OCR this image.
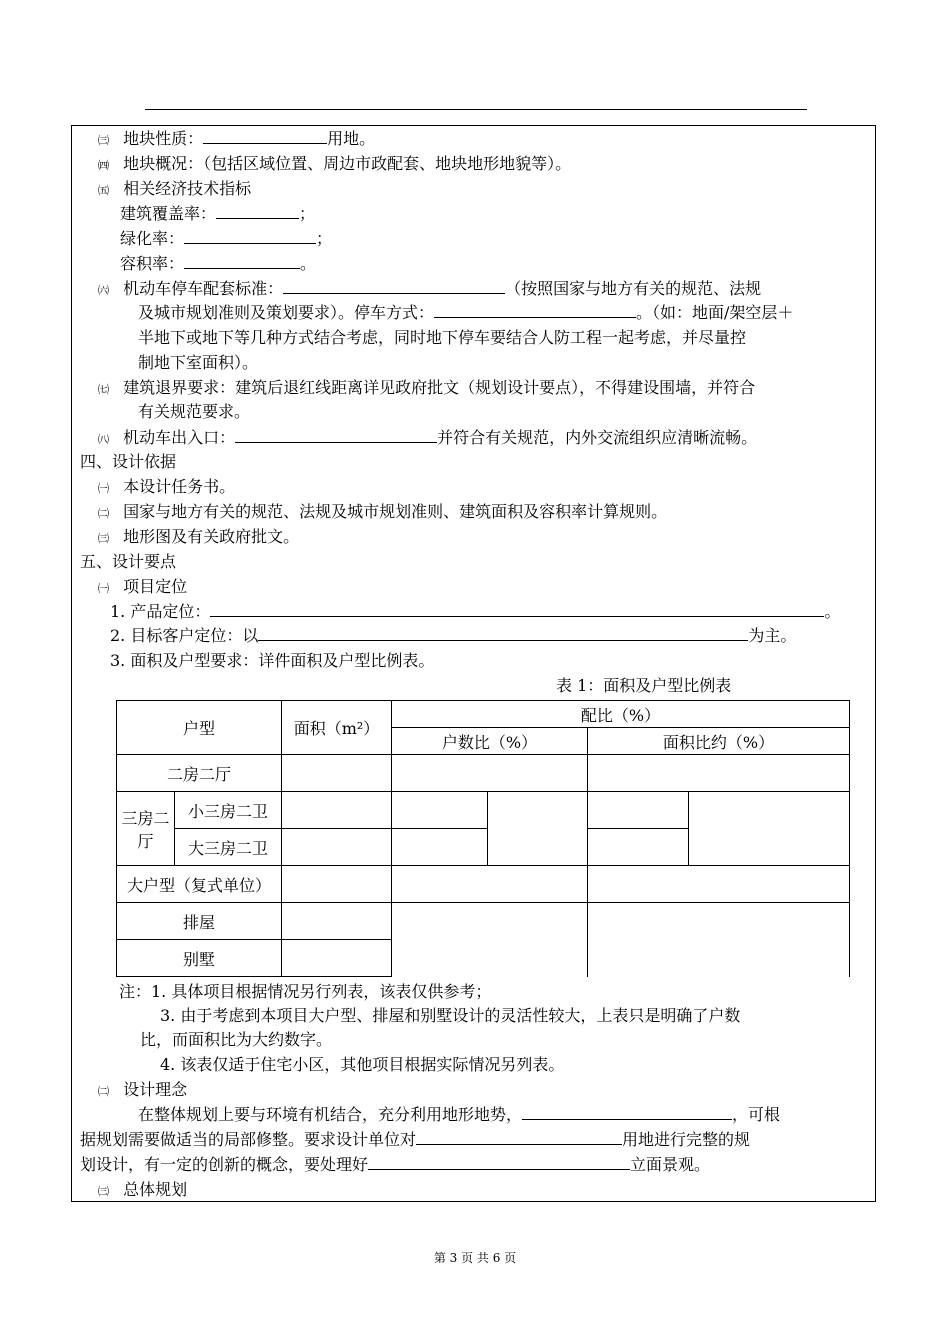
㈢ 地块性质：	用地。
㈣ 地块概况：（包括区域位置、周边市政配套、地块地形地貌等）。
㈤ 相关经济技术指标
建筑覆盖率：	；
绿化率：	；
容积率：	。
㈥ 机动车停车配套标准：	（按照国家与地方有关的规范、法规
及城市规划准则及策划要求）。停车方式：	。（如：地面/架空层＋
半地下或地下等几种方式结合考虑，同时地下停车要结合人防工程一起考虑，并尽量控
制地下室面积）。
㈦ 建筑退界要求：建筑后退红线距离详见政府批文（规划设计要点），不得建设围墙，并符合
有关规范要求。
㈧ 机动车出入口：	并符合有关规范，内外交流组织应清晰流畅。
四、设计依据
㈠ 本设计任务书。
㈡ 国家与地方有关的规范、法规及城市规划准则、建筑面积及容积率计算规则。
㈢ 地形图及有关政府批文。
五、设计要点
㈠ 项目定位
1. 产品定位：	。
2. 目标客户定位：以	为主。
3. 面积及户型要求：详件面积及户型比例表。
表 1：面积及户型比例表
户型		面积（m²）	配比（%）			
			户数比（%）		面积比约（%）	
二房二厅						
三房二
厅	小三房二卫					
	大三房二卫					
大户型（复式单位）						
排屋						
别墅						
注：1. 具体项目根据情况另行列表，该表仅供参考；
3. 由于考虑到本项目大户型、排屋和别墅设计的灵活性较大，上表只是明确了户数
比，而面积比为大约数字。
4. 该表仅适于住宅小区，其他项目根据实际情况另列表。
㈡ 设计理念
在整体规划上要与环境有机结合，充分利用地形地势，	，可根
据规划需要做适当的局部修整。要求设计单位对	用地进行完整的规
划设计，有一定的创新的概念，要处理好	立面景观。
㈢ 总体规划
第 3 页 共 6 页
